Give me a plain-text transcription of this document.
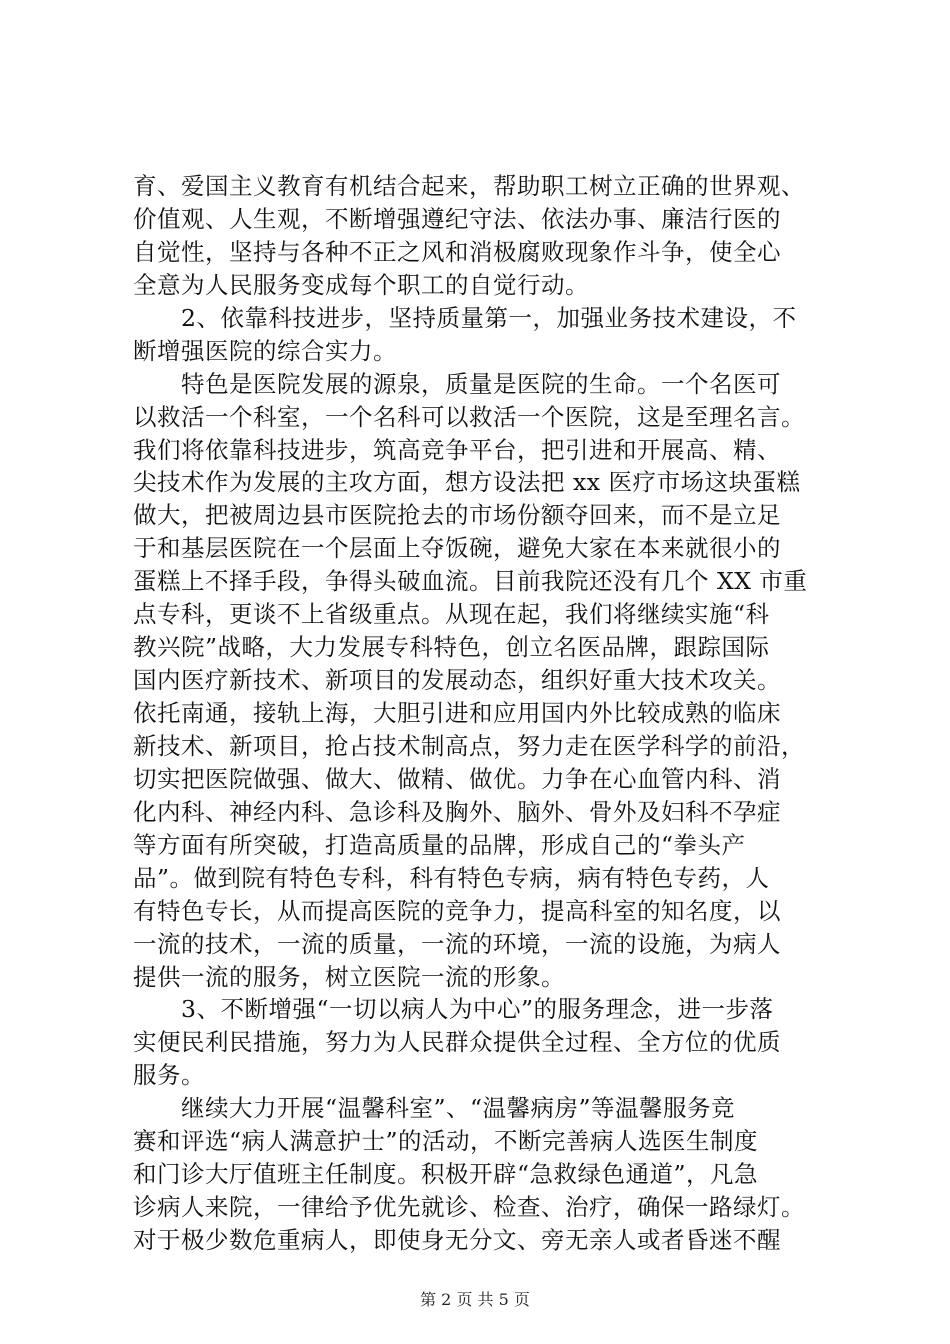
育、爱国主义教育有机结合起来，帮助职工树立正确的世界观、
价值观、人生观，不断增强遵纪守法、依法办事、廉洁行医的
自觉性，坚持与各种不正之风和消极腐败现象作斗争，使全心
全意为人民服务变成每个职工的自觉行动。
　　2、依靠科技进步，坚持质量第一，加强业务技术建设，不
断增强医院的综合实力。
　　特色是医院发展的源泉，质量是医院的生命。一个名医可
以救活一个科室，一个名科可以救活一个医院，这是至理名言。
我们将依靠科技进步，筑高竞争平台，把引进和开展高、精、
尖技术作为发展的主攻方面，想方设法把 xx 医疗市场这块蛋糕
做大，把被周边县市医院抢去的市场份额夺回来，而不是立足
于和基层医院在一个层面上夺饭碗，避免大家在本来就很小的
蛋糕上不择手段，争得头破血流。目前我院还没有几个 XX 市重
点专科，更谈不上省级重点。从现在起，我们将继续实施“科
教兴院”战略，大力发展专科特色，创立名医品牌，跟踪国际
国内医疗新技术、新项目的发展动态，组织好重大技术攻关。
依托南通，接轨上海，大胆引进和应用国内外比较成熟的临床
新技术、新项目，抢占技术制高点，努力走在医学科学的前沿，
切实把医院做强、做大、做精、做优。力争在心血管内科、消
化内科、神经内科、急诊科及胸外、脑外、骨外及妇科不孕症
等方面有所突破，打造高质量的品牌，形成自己的“拳头产
品”。做到院有特色专科，科有特色专病，病有特色专药，人
有特色专长，从而提高医院的竞争力，提高科室的知名度，以
一流的技术，一流的质量，一流的环境，一流的设施，为病人
提供一流的服务，树立医院一流的形象。
　　3、不断增强“一切以病人为中心”的服务理念，进一步落
实便民利民措施，努力为人民群众提供全过程、全方位的优质
服务。
　　继续大力开展“温馨科室”、“温馨病房”等温馨服务竞
赛和评选“病人满意护士”的活动，不断完善病人选医生制度
和门诊大厅值班主任制度。积极开辟“急救绿色通道”，凡急
诊病人来院，一律给予优先就诊、检查、治疗，确保一路绿灯。
对于极少数危重病人，即使身无分文、旁无亲人或者昏迷不醒
第 2 页 共 5 页
